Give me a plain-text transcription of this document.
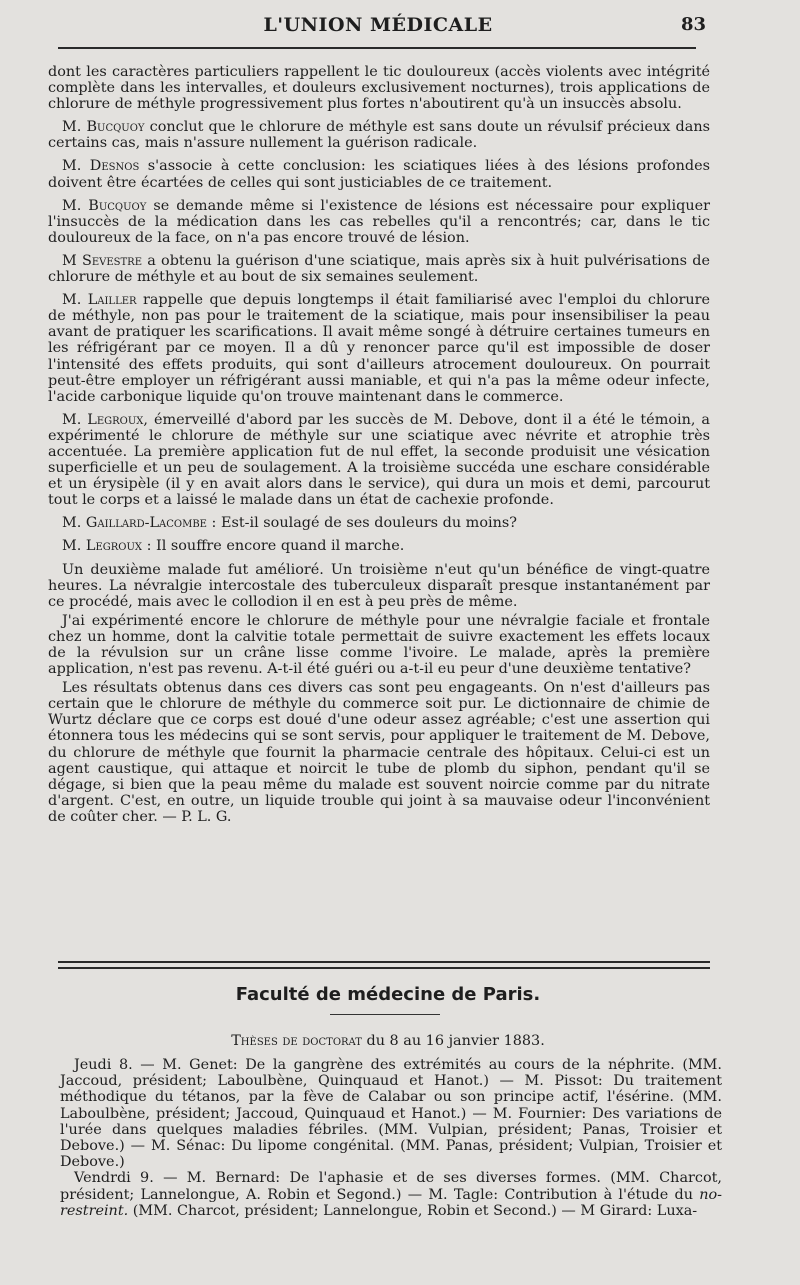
L'UNION MÉDICALE	83

dont les caractères particuliers rappellent le tic douloureux (accès violents avec intégrité complète dans les intervalles, et douleurs exclusivement nocturnes), trois applications de chlorure de méthyle progressivement plus fortes n'aboutirent qu'à un insuccès absolu.

M. Bucquoy conclut que le chlorure de méthyle est sans doute un révulsif précieux dans certains cas, mais n'assure nullement la guérison radicale.

M. Desnos s'associe à cette conclusion: les sciatiques liées à des lésions profondes doivent être écartées de celles qui sont justiciables de ce traitement.

M. Bucquoy se demande même si l'existence de lésions est nécessaire pour expliquer l'insuccès de la médication dans les cas rebelles qu'il a rencontrés; car, dans le tic douloureux de la face, on n'a pas encore trouvé de lésion.

M Sevestre a obtenu la guérison d'une sciatique, mais après six à huit pulvérisations de chlorure de méthyle et au bout de six semaines seulement.

M. Lailler rappelle que depuis longtemps il était familiarisé avec l'emploi du chlorure de méthyle, non pas pour le traitement de la sciatique, mais pour insensibiliser la peau avant de pratiquer les scarifications. Il avait même songé à détruire certaines tumeurs en les réfrigérant par ce moyen. Il a dû y renoncer parce qu'il est impossible de doser l'intensité des effets produits, qui sont d'ailleurs atrocement douloureux. On pourrait peut-être employer un réfrigérant aussi maniable, et qui n'a pas la même odeur infecte, l'acide carbonique liquide qu'on trouve maintenant dans le commerce.

M. Legroux, émerveillé d'abord par les succès de M. Debove, dont il a été le témoin, a expérimenté le chlorure de méthyle sur une sciatique avec névrite et atrophie très accentuée. La première application fut de nul effet, la seconde produisit une vésication superficielle et un peu de soulagement. A la troisième succéda une eschare considérable et un érysipèle (il y en avait alors dans le service), qui dura un mois et demi, parcourut tout le corps et a laissé le malade dans un état de cachexie profonde.

M. Gaillard-Lacombe : Est-il soulagé de ses douleurs du moins?

M. Legroux : Il souffre encore quand il marche.

Un deuxième malade fut amélioré. Un troisième n'eut qu'un bénéfice de vingt-quatre heures. La névralgie intercostale des tuberculeux disparaît presque instantanément par ce procédé, mais avec le collodion il en est à peu près de même.

J'ai expérimenté encore le chlorure de méthyle pour une névralgie faciale et frontale chez un homme, dont la calvitie totale permettait de suivre exactement les effets locaux de la révulsion sur un crâne lisse comme l'ivoire. Le malade, après la première application, n'est pas revenu. A-t-il été guéri ou a-t-il eu peur d'une deuxième tentative?

Les résultats obtenus dans ces divers cas sont peu engageants. On n'est d'ailleurs pas certain que le chlorure de méthyle du commerce soit pur. Le dictionnaire de chimie de Wurtz déclare que ce corps est doué d'une odeur assez agréable; c'est une assertion qui étonnera tous les médecins qui se sont servis, pour appliquer le traitement de M. Debove, du chlorure de méthyle que fournit la pharmacie centrale des hôpitaux. Celui-ci est un agent caustique, qui attaque et noircit le tube de plomb du siphon, pendant qu'il se dégage, si bien que la peau même du malade est souvent noircie comme par du nitrate d'argent. C'est, en outre, un liquide trouble qui joint à sa mauvaise odeur l'inconvénient de coûter cher. — P. L. G.

Faculté de médecine de Paris.
Thèses de doctorat du 8 au 16 janvier 1883.

Jeudi 8. — M. Genet: De la gangrène des extrémités au cours de la néphrite. (MM. Jaccoud, président; Laboulbène, Quinquaud et Hanot.) — M. Pissot: Du traitement méthodique du tétanos, par la fève de Calabar ou son principe actif, l'ésérine. (MM. Laboulbène, président; Jaccoud, Quinquaud et Hanot.) — M. Fournier: Des variations de l'urée dans quelques maladies fébriles. (MM. Vulpian, président; Panas, Troisier et Debove.) — M. Sénac: Du lipome congénital. (MM. Panas, président; Vulpian, Troisier et Debove.)

Vendrdi 9. — M. Bernard: De l'aphasie et de ses diverses formes. (MM. Charcot, président; Lannelongue, A. Robin et Segond.) — M. Tagle: Contribution à l'étude du no-restreint. (MM. Charcot, président; Lannelongue, Robin et Second.) — M Girard: Luxa-
